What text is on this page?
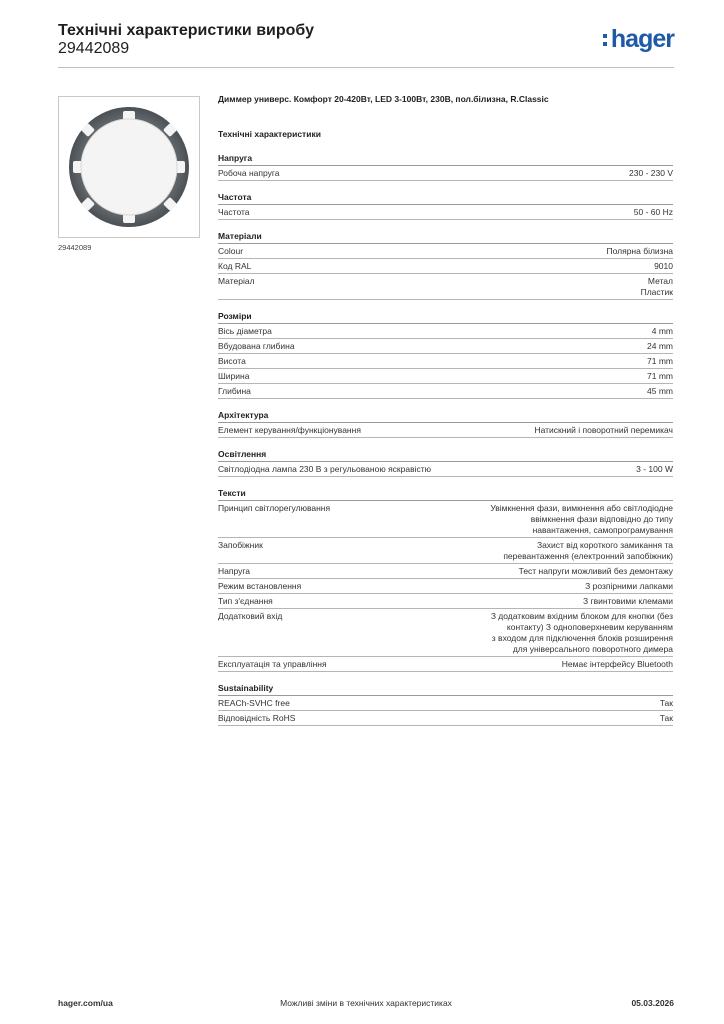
Технічні характеристики виробу
29442089	hager
29442089

Диммер универс. Комфорт 20-420Вт, LED 3-100Вт, 230В, пол.білизна, R.Classic

Технічні характеристики

Напруга
Робоча напруга	230 - 230 V
Частота
Частота	50 - 60 Hz
Матеріали
Colour	Полярна білизна
Код RAL	9010
Матеріал	Метал
Пластик
Розміри
Вісь діаметра	4 mm
Вбудована глибина	24 mm
Висота	71 mm
Ширина	71 mm
Глибина	45 mm
Архітектура
Елемент керування/функціонування	Натискний і поворотний перемикач
Освітлення
Світлодіодна лампа 230 В з регульованою яскравістю	3 - 100 W
Тексти
Принцип світлорегулювання	Увімкнення фази, вимкнення або світлодіодне
ввімкнення фази відповідно до типу
навантаження, самопрограмування
Запобіжник	Захист від короткого замикання та
перевантаження (електронний запобіжник)
Напруга	Тест напруги можливий без демонтажу
Режим встановлення	З розпірними лапками
Тип з'єднання	З гвинтовими клемами
Додатковий вхід	З додатковим вхідним блоком для кнопки (без
контакту) З одноповерхневим керуванням
з входом для підключення блоків розширення
для універсального поворотного димера
Експлуатація та управління	Немає інтерфейсу Bluetooth
Sustainability
REACh-SVHC free	Так
Відповідність RoHS	Так
hager.com/ua	Можливі зміни в технічних характеристиках	05.03.2026
